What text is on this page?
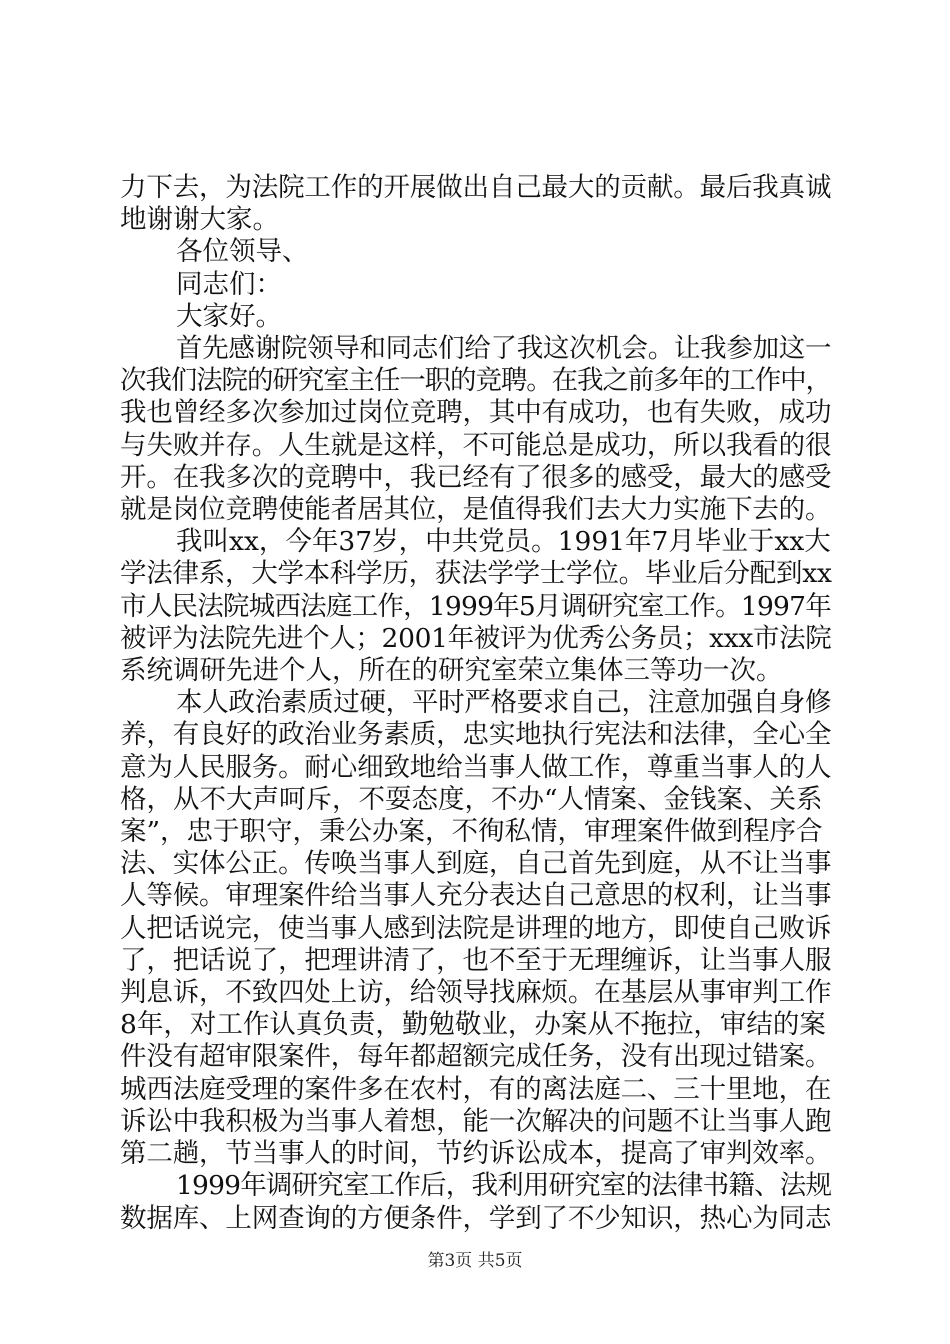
力下去，为法院工作的开展做出自己最大的贡献。最后我真诚
地谢谢大家。
各位领导、
同志们：
大家好。
首先感谢院领导和同志们给了我这次机会。让我参加这一
次我们法院的研究室主任一职的竞聘。在我之前多年的工作中，
我也曾经多次参加过岗位竞聘，其中有成功，也有失败，成功
与失败并存。人生就是这样，不可能总是成功，所以我看的很
开。在我多次的竞聘中，我已经有了很多的感受，最大的感受
就是岗位竞聘使能者居其位，是值得我们去大力实施下去的。
我叫xx，今年37岁，中共党员。1991年7月毕业于xx大
学法律系，大学本科学历，获法学学士学位。毕业后分配到xx
市人民法院城西法庭工作，1999年5月调研究室工作。1997年
被评为法院先进个人；2001年被评为优秀公务员；xxx市法院
系统调研先进个人，所在的研究室荣立集体三等功一次。
本人政治素质过硬，平时严格要求自己，注意加强自身修
养，有良好的政治业务素质，忠实地执行宪法和法律，全心全
意为人民服务。耐心细致地给当事人做工作，尊重当事人的人
格，从不大声呵斥，不耍态度，不办“人情案、金钱案、关系
案”，忠于职守，秉公办案，不徇私情，审理案件做到程序合
法、实体公正。传唤当事人到庭，自己首先到庭，从不让当事
人等候。审理案件给当事人充分表达自己意思的权利，让当事
人把话说完，使当事人感到法院是讲理的地方，即使自己败诉
了，把话说了，把理讲清了，也不至于无理缠诉，让当事人服
判息诉，不致四处上访，给领导找麻烦。在基层从事审判工作
8年，对工作认真负责，勤勉敬业，办案从不拖拉，审结的案
件没有超审限案件，每年都超额完成任务，没有出现过错案。
城西法庭受理的案件多在农村，有的离法庭二、三十里地，在
诉讼中我积极为当事人着想，能一次解决的问题不让当事人跑
第二趟，节当事人的时间，节约诉讼成本，提高了审判效率。
1999年调研究室工作后，我利用研究室的法律书籍、法规
数据库、上网查询的方便条件，学到了不少知识，热心为同志
第3页 共5页
